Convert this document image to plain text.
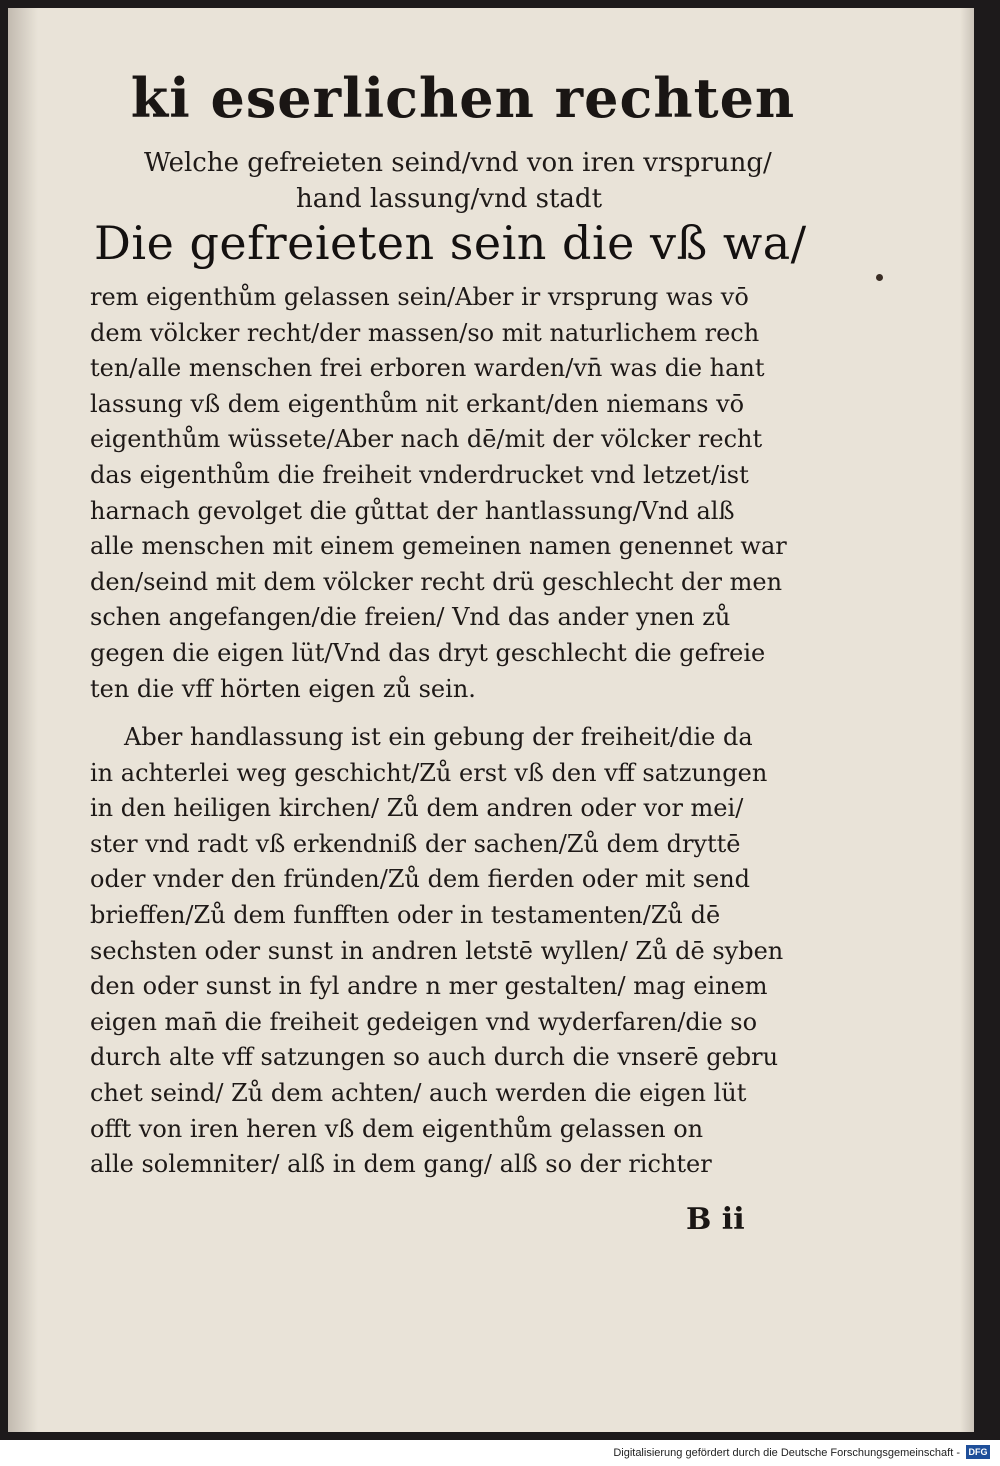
ki eserlichen rechten
Welche gefreieten seind/vnd von iren vrsprung/
hand lassung/vnd stadt
Die gefreieten sein die vß wa/
rem eigenthům gelassen sein/Aber ir vrsprung was vō
dem völcker recht/der massen/so mit naturlichem rech
ten/alle menschen frei erboren warden/vn̄ was die hant
lassung vß dem eigenthům nit erkant/den niemans vō
eigenthům wüssete/Aber nach dē/mit der völcker recht
das eigenthům die freiheit vnderdrucket vnd letzet/ist
harnach gevolget die gůttat der hantlassung/Vnd alß
alle menschen mit einem gemeinen namen genennet war
den/seind mit dem völcker recht drü geschlecht der men
schen angefangen/die freien/ Vnd das ander ynen zů
gegen die eigen lüt/Vnd das dryt geschlecht die gefreie
ten die vff hörten eigen zů sein.
Aber handlassung ist ein gebung der freiheit/die da
in achterlei weg geschicht/Zů erst vß den vff satzungen
in den heiligen kirchen/ Zů dem andren oder vor mei/
ster vnd radt vß erkendniß der sachen/Zů dem dryttē
oder vnder den fründen/Zů dem fierden oder mit send
brieffen/Zů dem funfften oder in testamenten/Zů dē
sechsten oder sunst in andren letstē wyllen/ Zů dē syben
den oder sunst in fyl andre n mer gestalten/ mag einem
eigen man̄ die freiheit gedeigen vnd wyderfaren/die so
durch alte vff satzungen so auch durch die vnserē gebru
chet seind/ Zů dem achten/ auch werden die eigen lüt
offt von iren heren vß dem eigenthům gelassen on
alle solemniter/ alß in dem gang/ alß so der richter
B ii
Digitalisierung gefördert durch die Deutsche Forschungsgemeinschaft - DFG
